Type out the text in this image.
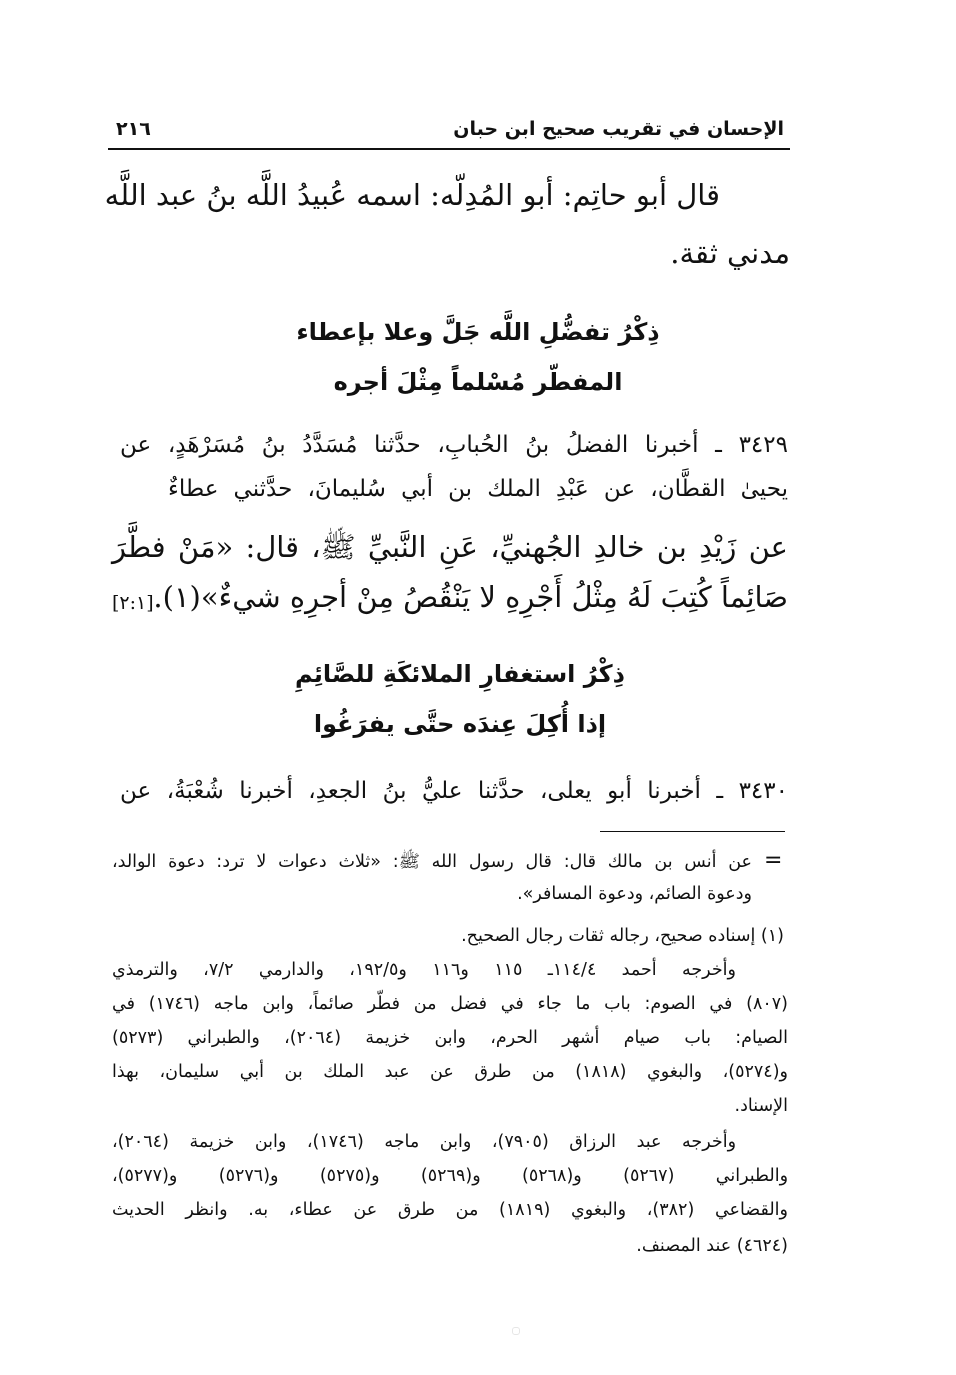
٢١٦	الإحسان في تقريب صحيح ابن حبان
قال أبو حاتِم: أبو المُدِلّه: اسمه عُبيدُ اللَّه بنُ عبد اللَّه
مدني ثقة.
ذِكْرُ تفضُّلِ اللَّه جَلَّ وعلا بإعطاء
المفطّر مُسْلماً مِثْلَ أجره
٣٤٢٩ ـ أخبرنا الفضلُ بنُ الحُبابِ، حدَّثنا مُسَدَّدُ بنُ مُسَرْهَدٍ، عن
يحيىٰ القطَّان، عن عَبْدِ الملك بن أبي سُليمانَ، حدَّثني عطاءٌ
عن زَيْدِ بن خالدِ الجُهنيِّ، عَنِ النَّبيِّ ﷺ، قال: «مَنْ فطَّرَ
صَائِماً كُتِبَ لَهُ مِثْلُ أَجْرِهِ لا يَنْقُصُ مِنْ أجرِهِ شيءٌ»(١).
[٢:١]
ذِكْرُ استغفارِ الملائكَةِ للصَّائِمِ
إذا أُكِلَ عِندَه حتَّى يفرَغُوا
٣٤٣٠ ـ أخبرنا أبو يعلى، حدَّثنا عليُّ بنُ الجعدِ، أخبرنا شُعْبَةُ، عن
=
عن أنس بن مالك قال: قال رسول الله ﷺ: «ثلاث دعوات لا ترد: دعوة الوالد،
ودعوة الصائم، ودعوة المسافر».
(١) إسناده صحيح، رجاله ثقات رجال الصحيح.
وأخرجه أحمد ١١٤/٤ـ ١١٥ و١١٦ و١٩٢/٥، والدارمي ٧/٢، والترمذي
(٨٠٧) في الصوم: باب ما جاء في فضل من فطّر صائماً، وابن ماجه (١٧٤٦) في
الصيام: باب صيام أشهر الحرم، وابن خزيمة (٢٠٦٤)، والطبراني (٥٢٧٣)
و(٥٢٧٤)، والبغوي (١٨١٨) من طرق عن عبد الملك بن أبي سليمان، بهذا
الإسناد.
وأخرجه عبد الرزاق (٧٩٠٥)، وابن ماجه (١٧٤٦)، وابن خزيمة (٢٠٦٤)،
والطبراني (٥٢٦٧) و(٥٢٦٨) و(٥٢٦٩) و(٥٢٧٥) و(٥٢٧٦) و(٥٢٧٧)،
والقضاعي (٣٨٢)، والبغوي (١٨١٩) من طرق عن عطاء، به. وانظر الحديث
(٤٦٢٤) عند المصنف.
